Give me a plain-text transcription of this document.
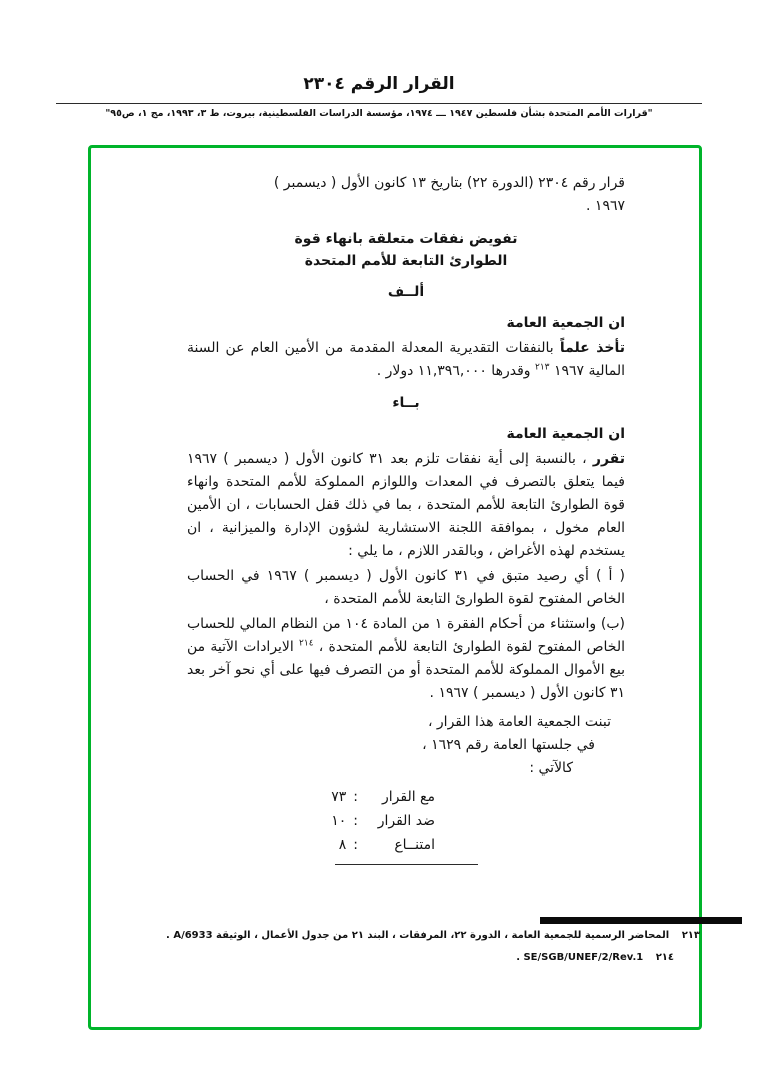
القرار الرقم ٢٣٠٤
"قرارات الأمم المتحدة بشأن فلسطين ١٩٤٧ ـــ ١٩٧٤، مؤسسة الدراسات الفلسطينية، بيروت، ط ٣، ١٩٩٣، مج ١، ص٩٥"

قرار رقم ٢٣٠٤ (الدورة ٢٢) بتاريخ ١٣ كانون الأول ( ديسمبر )
١٩٦٧ .

تفويض نفقات متعلقة بانهاء قوة
الطوارئ التابعة للأمم المتحدة

ألــف

ان الجمعية العامة

تأخذ علماً بالنفقات التقديرية المعدلة المقدمة من الأمين العام عن السنة المالية ١٩٦٧ $^{٢١٣}$ وقدرها ١١,٣٩٦,٠٠٠ دولار .

بــاء

ان الجمعية العامة

تقرر ، بالنسبة إلى أية نفقات تلزم بعد ٣١ كانون الأول ( ديسمبر ) ١٩٦٧ فيما يتعلق بالتصرف في المعدات واللوازم المملوكة للأمم المتحدة وانهاء قوة الطوارئ التابعة للأمم المتحدة ، بما في ذلك قفل الحسابات ، ان الأمين العام مخول ، بموافقة اللجنة الاستشارية لشؤون الإدارة والميزانية ، ان يستخدم لهذه الأغراض ، وبالقدر اللازم ، ما يلي :

( أ ) أي رصيد متبق في ٣١ كانون الأول ( ديسمبر ) ١٩٦٧ في الحساب الخاص المفتوح لقوة الطوارئ التابعة للأمم المتحدة ،

(ب) واستثناء من أحكام الفقرة ١ من المادة ١٠٤ من النظام المالي للحساب الخاص المفتوح لقوة الطوارئ التابعة للأمم المتحدة ، $^{٢١٤}$ الايرادات الآتية من بيع الأموال المملوكة للأمم المتحدة أو من التصرف فيها على أي نحو آخر بعد ٣١ كانون الأول ( ديسمبر ) ١٩٦٧ .

تبنت الجمعية العامة هذا القرار ،

في جلستها العامة رقم ١٦٢٩ ،

كالآتي :

مع القرار:٧٣
ضد القرار:١٠
امتنــاع:٨
٢١٣ المحاضر الرسمية للجمعية العامة ، الدورة ٢٢، المرفقات ، البند ٢١ من جدول الأعمال ، الوثيقة A/6933 .
٢١٤ SE/SGB/UNEF/2/Rev.1 .
